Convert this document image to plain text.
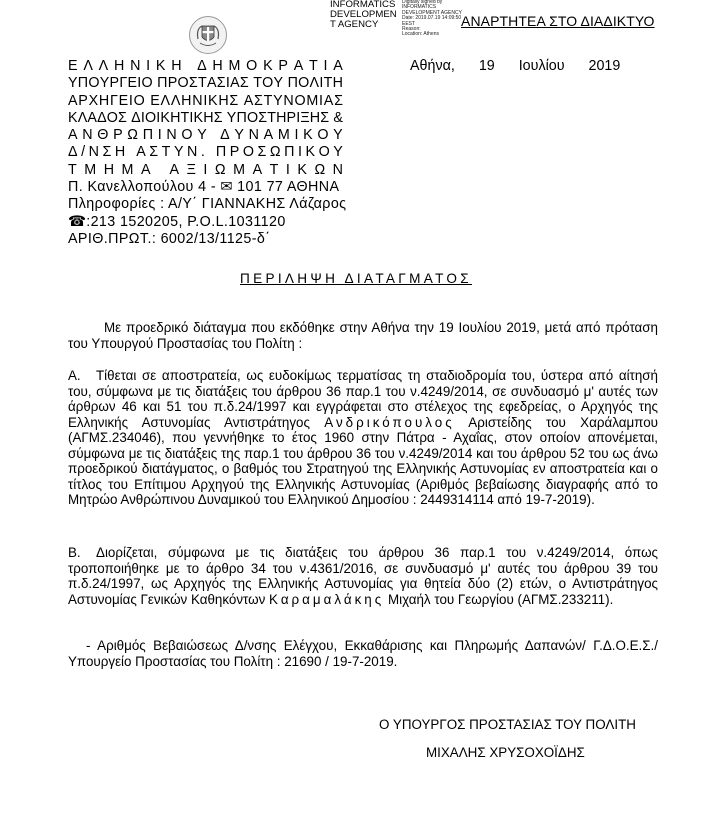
INFORMATICS DEVELOPMEN T AGENCY
Digitally signed by
INFORMATICS
DEVELOPMENT AGENCY
Date: 2019.07.19 14:09:50
EEST
Reason:
Location: Athens
ΑΝΑΡΤΗΤΕΑ ΣΤΟ ΔΙΑΔΙΚΤΥΟ
Ε Λ Λ Η Ν Ι Κ Η
Δ Η Μ Ο Κ Ρ Α Τ Ι Α
Υ Π Ο Υ Ρ Γ Ε Ι Ο
Π Ρ Ο Σ Τ Α Σ Ι Α Σ
Τ Ο Υ
Π Ο Λ Ι Τ Η
Α Ρ Χ Η Γ Ε Ι Ο
Ε Λ Λ Η Ν Ι Κ Η Σ
Α Σ Τ Υ Ν Ο Μ Ι Α Σ
Κ Λ Α Δ Ο Σ
Δ Ι Ο Ι Κ Η Τ Ι Κ Η Σ
Υ Π Ο Σ Τ Η Ρ Ι Ξ Η Σ
&
Α Ν Θ Ρ Ω Π Ι Ν Ο Υ
Δ Υ Ν Α Μ Ι Κ Ο Υ
Δ / Ν Σ Η
Α Σ Τ Υ Ν .
Π Ρ Ο Σ Ω Π Ι Κ Ο Υ
Τ Μ Η Μ Α
Α Ξ Ι Ω Μ Α Τ Ι Κ Ω Ν
Π. Κανελλοπούλου 4 - ✉ 101 77 ΑΘΗΝΑ
Πληροφορίες : Α/Υ΄ ΓΙΑΝΝΑΚΗΣ Λάζαρος
☎:213 1520205, P.O.L.1031120
ΑΡΙΘ.ΠΡΩΤ.: 6002/13/1125-δ΄
Αθήνα, 19 Ιουλίου 2019
ΠΕΡΙΛΗΨΗ ΔΙΑΤΑΓΜΑΤΟΣ

Με προεδρικό διάταγμα που εκδόθηκε στην Αθήνα την 19 Ιουλίου 2019, μετά από πρόταση του Υπουργού Προστασίας του Πολίτη :

Α. Τίθεται σε αποστρατεία, ως ευδοκίμως τερματίσας τη σταδιοδρομία του, ύστερα από αίτησή του, σύμφωνα με τις διατάξεις του άρθρου 36 παρ.1 του ν.4249/2014, σε συνδυασμό μ' αυτές των άρθρων 46 και 51 του π.δ.24/1997 και εγγράφεται στο στέλεχος της εφεδρείας, ο Αρχηγός της Ελληνικής Αστυνομίας Αντιστράτηγος Ανδρικόπουλος Αριστείδης του Χαράλαμπου (ΑΓΜΣ.234046), που γεννήθηκε το έτος 1960 στην Πάτρα - Αχαΐας, στον οποίον απονέμεται, σύμφωνα με τις διατάξεις της παρ.1 του άρθρου 36 του ν.4249/2014 και του άρθρου 52 του ως άνω προεδρικού διατάγματος, ο βαθμός του Στρατηγού της Ελληνικής Αστυνομίας εν αποστρατεία και ο τίτλος του Επίτιμου Αρχηγού της Ελληνικής Αστυνομίας (Αριθμός βεβαίωσης διαγραφής από το Μητρώο Ανθρώπινου Δυναμικού του Ελληνικού Δημοσίου : 2449314114 από 19-7-2019).

Β. Διορίζεται, σύμφωνα με τις διατάξεις του άρθρου 36 παρ.1 του ν.4249/2014, όπως τροποποιήθηκε με το άρθρο 34 του ν.4361/2016, σε συνδυασμό μ' αυτές του άρθρου 39 του π.δ.24/1997, ως Αρχηγός της Ελληνικής Αστυνομίας για θητεία δύο (2) ετών, ο Αντιστράτηγος Αστυνομίας Γενικών Καθηκόντων Καραμαλάκης Μιχαήλ του Γεωργίου (ΑΓΜΣ.233211).

- Αριθμός Βεβαιώσεως Δ/νσης Ελέγχου, Εκκαθάρισης και Πληρωμής Δαπανών/ Γ.Δ.Ο.Ε.Σ./ Υπουργείο Προστασίας του Πολίτη : 21690 / 19-7-2019.

Ο ΥΠΟΥΡΓΟΣ ΠΡΟΣΤΑΣΙΑΣ ΤΟΥ ΠΟΛΙΤΗ
ΜΙΧΑΛΗΣ ΧΡΥΣΟΧΟΪΔΗΣ
